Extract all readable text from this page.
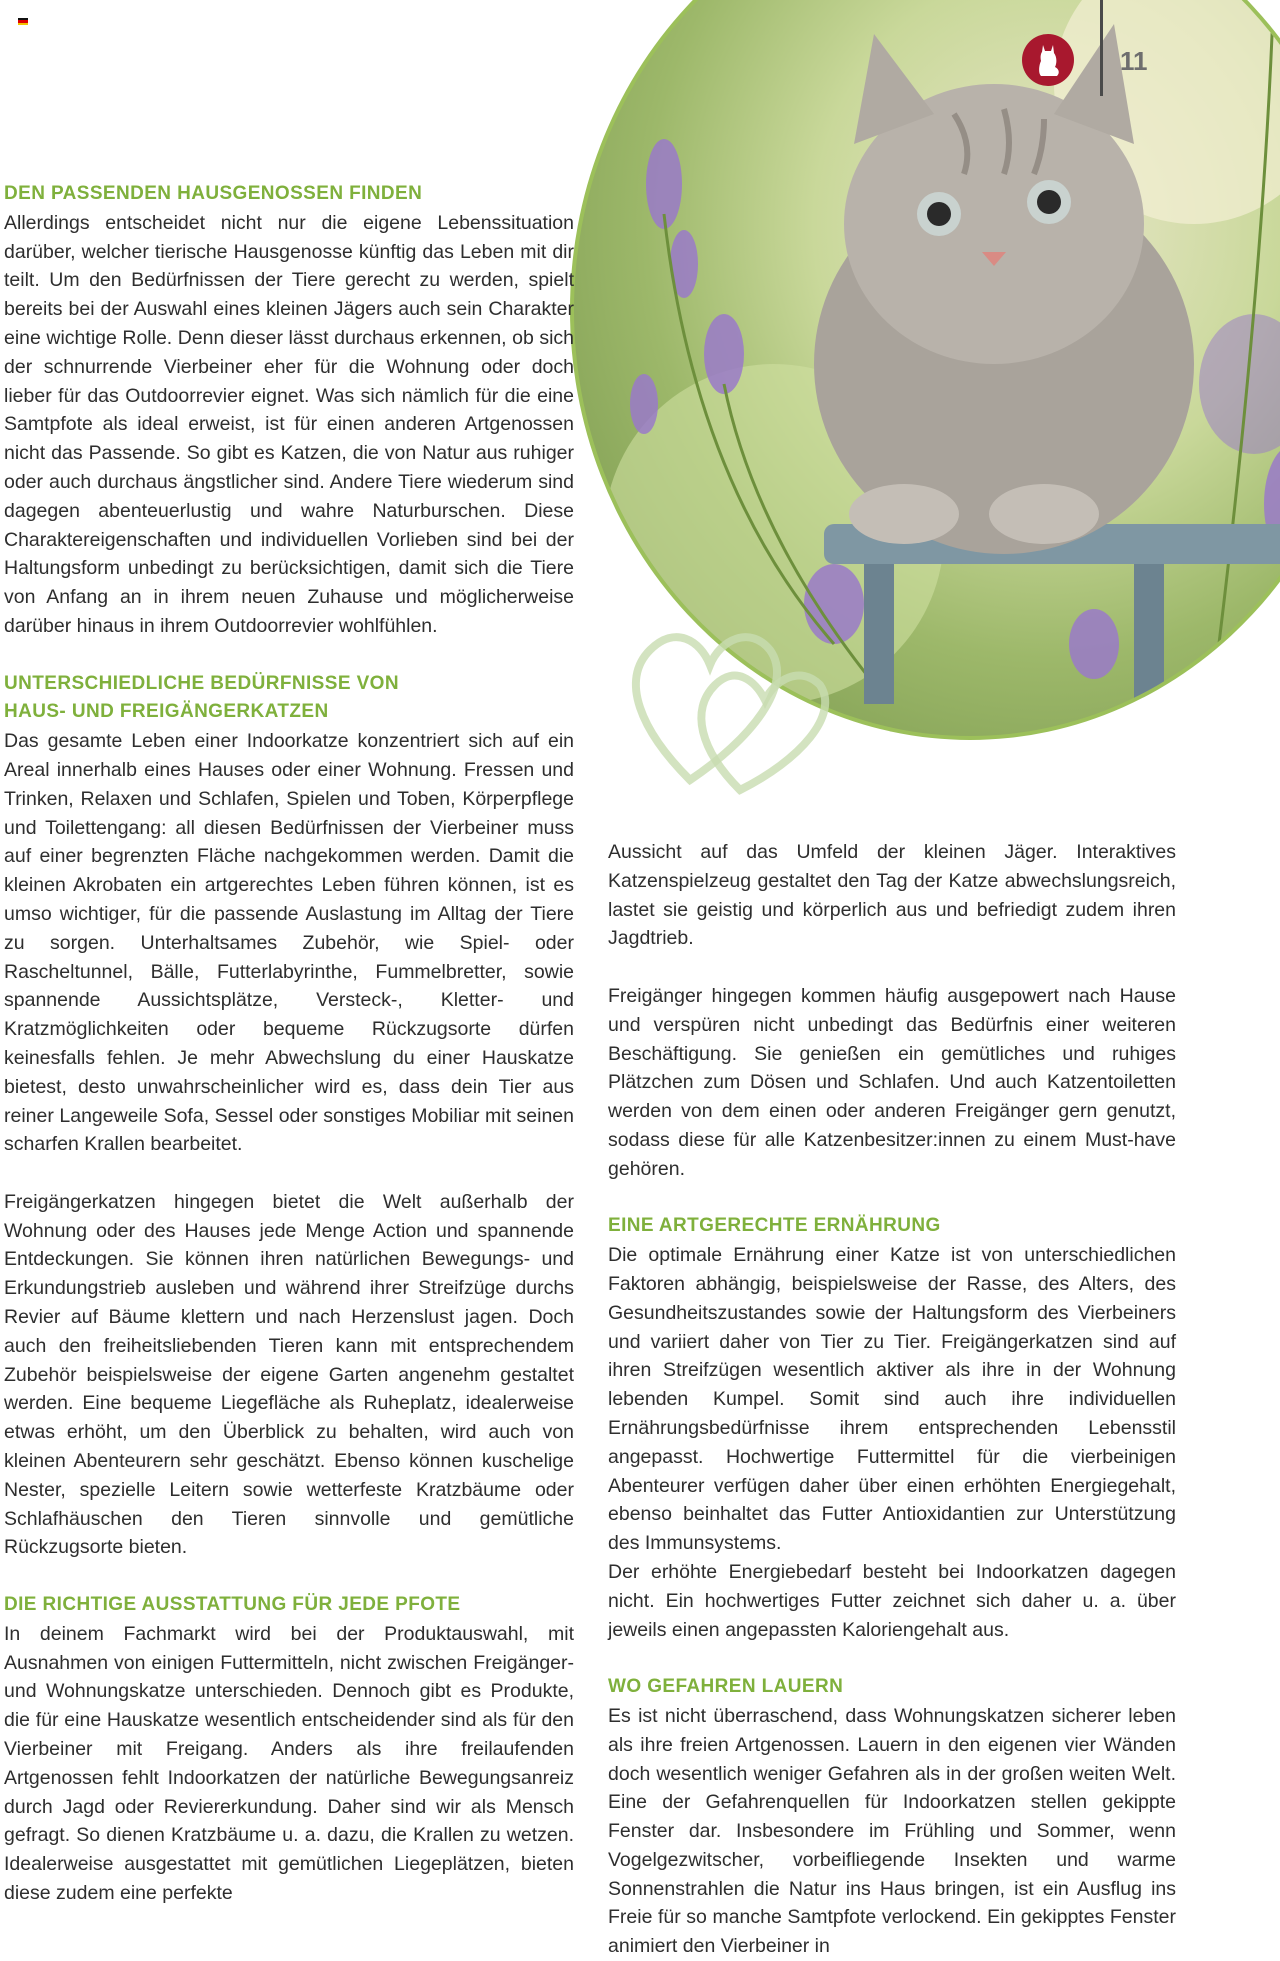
11
DEN PASSENDEN HAUSGENOSSEN FINDEN

Allerdings entscheidet nicht nur die eigene Lebenssituation darüber, welcher tierische Hausgenosse künftig das Leben mit dir teilt. Um den Bedürfnissen der Tiere gerecht zu werden, spielt bereits bei der Auswahl eines kleinen Jägers auch sein Charakter eine wichtige Rolle. Denn dieser lässt durchaus erkennen, ob sich der schnurrende Vierbeiner eher für die Wohnung oder doch lieber für das Outdoorrevier eignet. Was sich nämlich für die eine Samtpfote als ideal erweist, ist für einen anderen Artgenossen nicht das Passende. So gibt es Katzen, die von Natur aus ruhiger oder auch durchaus ängstlicher sind. Andere Tiere wiederum sind dagegen abenteuerlustig und wahre Naturburschen. Diese Charaktereigenschaften und individuellen Vorlieben sind bei der Haltungsform unbedingt zu berücksichtigen, damit sich die Tiere von Anfang an in ihrem neuen Zuhause und möglicherweise darüber hinaus in ihrem Outdoorrevier wohlfühlen.

UNTERSCHIEDLICHE BEDÜRFNISSE VON
HAUS- UND FREIGÄNGERKATZEN

Das gesamte Leben einer Indoorkatze konzentriert sich auf ein Areal innerhalb eines Hauses oder einer Wohnung. Fressen und Trinken, Relaxen und Schlafen, Spielen und Toben, Körperpflege und Toilettengang: all diesen Bedürfnissen der Vierbeiner muss auf einer begrenzten Fläche nachgekommen werden. Damit die kleinen Akrobaten ein artgerechtes Leben führen können, ist es umso wichtiger, für die passende Auslastung im Alltag der Tiere zu sorgen. Unterhaltsames Zubehör, wie Spiel- oder Rascheltunnel, Bälle, Futterlabyrinthe, Fummelbretter, sowie spannende Aussichtsplätze, Versteck-, Kletter- und Kratzmöglichkeiten oder bequeme Rückzugsorte dürfen keinesfalls fehlen. Je mehr Abwechslung du einer Hauskatze bietest, desto unwahrscheinlicher wird es, dass dein Tier aus reiner Langeweile Sofa, Sessel oder sonstiges Mobiliar mit seinen scharfen Krallen bearbeitet.

Freigängerkatzen hingegen bietet die Welt außerhalb der Wohnung oder des Hauses jede Menge Action und spannende Entdeckungen. Sie können ihren natürlichen Bewegungs- und Erkundungstrieb ausleben und während ihrer Streifzüge durchs Revier auf Bäume klettern und nach Herzenslust jagen. Doch auch den freiheitsliebenden Tieren kann mit entsprechendem Zubehör beispielsweise der eigene Garten angenehm gestaltet werden. Eine bequeme Liegefläche als Ruheplatz, idealerweise etwas erhöht, um den Überblick zu behalten, wird auch von kleinen Abenteurern sehr geschätzt. Ebenso können kuschelige Nester, spezielle Leitern sowie wetterfeste Kratzbäume oder Schlafhäuschen den Tieren sinnvolle und gemütliche Rückzugsorte bieten.

DIE RICHTIGE AUSSTATTUNG FÜR JEDE PFOTE

In deinem Fachmarkt wird bei der Produktauswahl, mit Ausnahmen von einigen Futtermitteln, nicht zwischen Freigänger- und Wohnungskatze unterschieden. Dennoch gibt es Produkte, die für eine Hauskatze wesentlich entscheidender sind als für den Vierbeiner mit Freigang. Anders als ihre freilaufenden Artgenossen fehlt Indoorkatzen der natürliche Bewegungsanreiz durch Jagd oder Reviererkundung. Daher sind wir als Mensch gefragt. So dienen Kratzbäume u. a. dazu, die Krallen zu wetzen. Idealerweise ausgestattet mit gemütlichen Liegeplätzen, bieten diese zudem eine perfekte

Aussicht auf das Umfeld der kleinen Jäger. Interaktives Katzenspielzeug gestaltet den Tag der Katze abwechslungsreich, lastet sie geistig und körperlich aus und befriedigt zudem ihren Jagdtrieb.

Freigänger hingegen kommen häufig ausgepowert nach Hause und verspüren nicht unbedingt das Bedürfnis einer weiteren Beschäftigung. Sie genießen ein gemütliches und ruhiges Plätzchen zum Dösen und Schlafen. Und auch Katzentoiletten werden von dem einen oder anderen Freigänger gern genutzt, sodass diese für alle Katzenbesitzer:innen zu einem Must-have gehören.

EINE ARTGERECHTE ERNÄHRUNG

Die optimale Ernährung einer Katze ist von unterschiedlichen Faktoren abhängig, beispielsweise der Rasse, des Alters, des Gesundheitszustandes sowie der Haltungsform des Vierbeiners und variiert daher von Tier zu Tier. Freigängerkatzen sind auf ihren Streifzügen wesentlich aktiver als ihre in der Wohnung lebenden Kumpel. Somit sind auch ihre individuellen Ernährungsbedürfnisse ihrem entsprechenden Lebensstil angepasst. Hochwertige Futtermittel für die vierbeinigen Abenteurer verfügen daher über einen erhöhten Energiegehalt, ebenso beinhaltet das Futter Antioxidantien zur Unterstützung des Immunsystems.

Der erhöhte Energiebedarf besteht bei Indoorkatzen dagegen nicht. Ein hochwertiges Futter zeichnet sich daher u. a. über jeweils einen angepassten Kaloriengehalt aus.

WO GEFAHREN LAUERN

Es ist nicht überraschend, dass Wohnungskatzen sicherer leben als ihre freien Artgenossen. Lauern in den eigenen vier Wänden doch wesentlich weniger Gefahren als in der großen weiten Welt. Eine der Gefahrenquellen für Indoorkatzen stellen gekippte Fenster dar. Insbesondere im Frühling und Sommer, wenn Vogelgezwitscher, vorbeifliegende Insekten und warme Sonnenstrahlen die Natur ins Haus bringen, ist ein Ausflug ins Freie für so manche Samtpfote verlockend. Ein gekipptes Fenster animiert den Vierbeiner in
